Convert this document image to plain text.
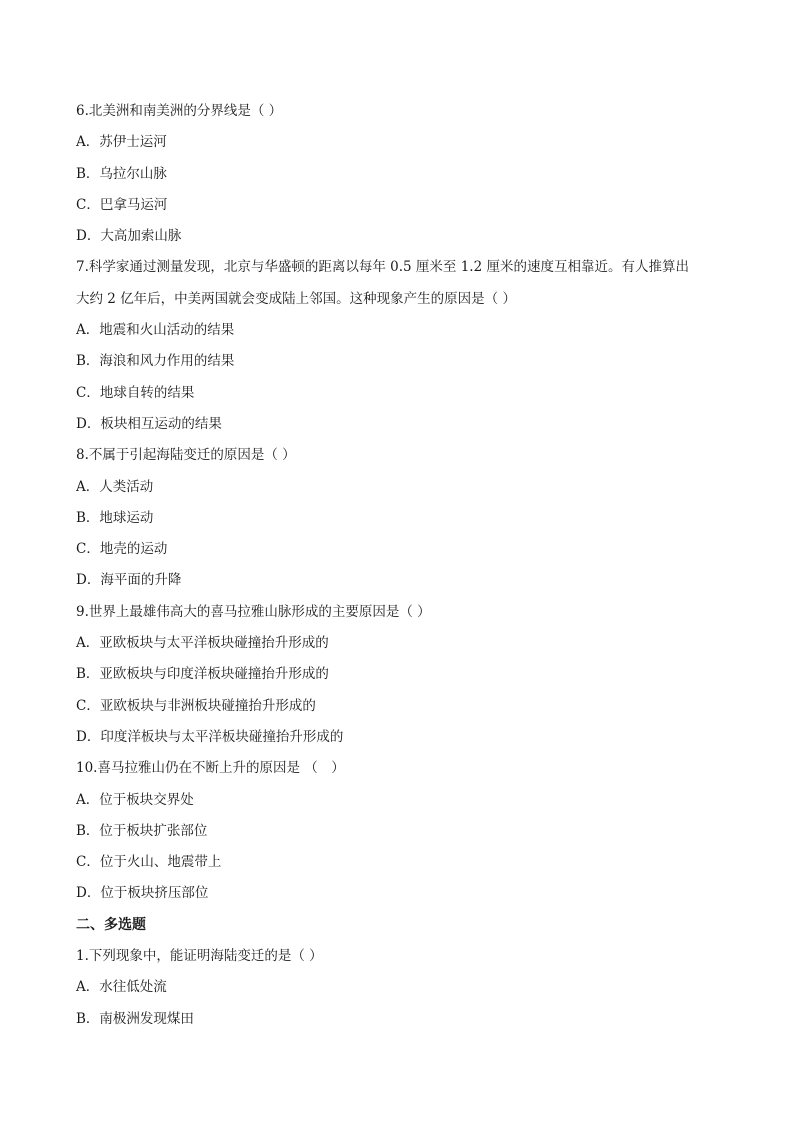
6.北美洲和南美洲的分界线是（ ）
A．苏伊士运河
B．乌拉尔山脉
C．巴拿马运河
D．大高加索山脉
7.科学家通过测量发现，北京与华盛顿的距离以每年 0.5 厘米至 1.2 厘米的速度互相靠近。有人推算出
大约 2 亿年后，中美两国就会变成陆上邻国。这种现象产生的原因是（ ）
A．地震和火山活动的结果
B．海浪和风力作用的结果
C．地球自转的结果
D．板块相互运动的结果
8.不属于引起海陆变迁的原因是（ ）
A．人类活动
B．地球运动
C．地壳的运动
D．海平面的升降
9.世界上最雄伟高大的喜马拉雅山脉形成的主要原因是（ ）
A．亚欧板块与太平洋板块碰撞抬升形成的
B．亚欧板块与印度洋板块碰撞抬升形成的
C．亚欧板块与非洲板块碰撞抬升形成的
D．印度洋板块与太平洋板块碰撞抬升形成的
10.喜马拉雅山仍在不断上升的原因是 （　）
A．位于板块交界处
B．位于板块扩张部位
C．位于火山、地震带上
D．位于板块挤压部位
二、多选题
1.下列现象中，能证明海陆变迁的是（ ）
A．水往低处流
B．南极洲发现煤田
